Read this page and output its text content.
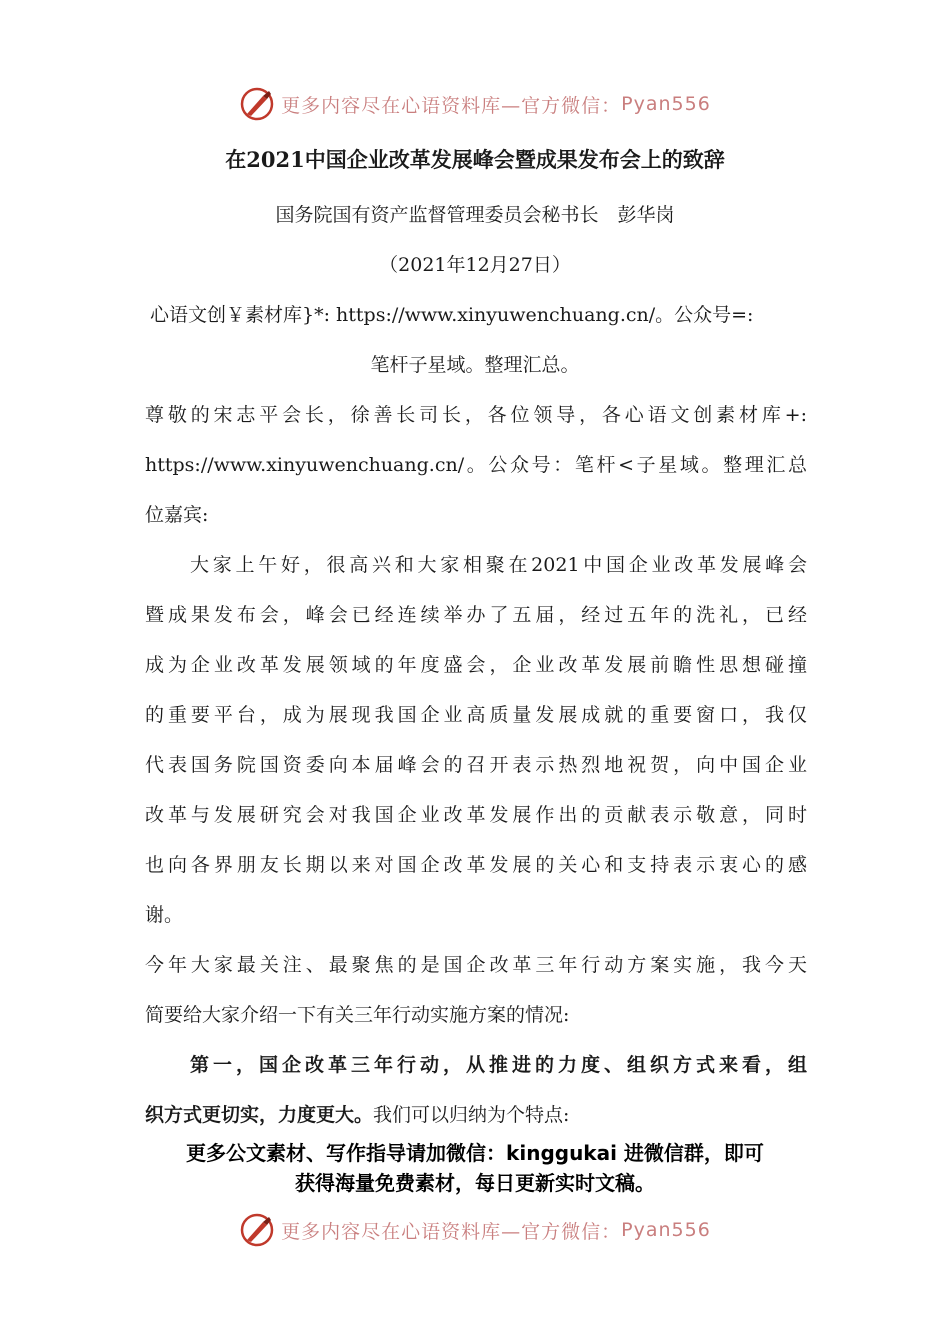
更多内容尽在心语资料库—官方微信： Pyan556
在2021中国企业改革发展峰会暨成果发布会上的致辞
国务院国有资产监督管理委员会秘书长　彭华岗
（2021年12月27日）
心语文创￥素材库}*: https://www.xinyuwenchuang.cn/。公众号=:
笔杆子星域。整理汇总。
尊敬的宋志平会长，徐善长司长，各位领导，各心语文创素材库+:
https://www.xinyuwenchuang.cn/。公众号：笔杆<子星域。整理汇总
位嘉宾:
大家上午好，很高兴和大家相聚在2021中国企业改革发展峰会
暨成果发布会，峰会已经连续举办了五届，经过五年的洗礼，已经
成为企业改革发展领域的年度盛会，企业改革发展前瞻性思想碰撞
的重要平台，成为展现我国企业高质量发展成就的重要窗口，我仅
代表国务院国资委向本届峰会的召开表示热烈地祝贺，向中国企业
改革与发展研究会对我国企业改革发展作出的贡献表示敬意，同时
也向各界朋友长期以来对国企改革发展的关心和支持表示衷心的感
谢。
今年大家最关注、最聚焦的是国企改革三年行动方案实施，我今天
简要给大家介绍一下有关三年行动实施方案的情况:
第一，国企改革三年行动，从推进的力度、组织方式来看，组
织方式更切实，力度更大。我们可以归纳为个特点:
更多公文素材、写作指导请加微信：kinggukai 进微信群，即可
获得海量免费素材，每日更新实时文稿。
更多内容尽在心语资料库—官方微信： Pyan556
